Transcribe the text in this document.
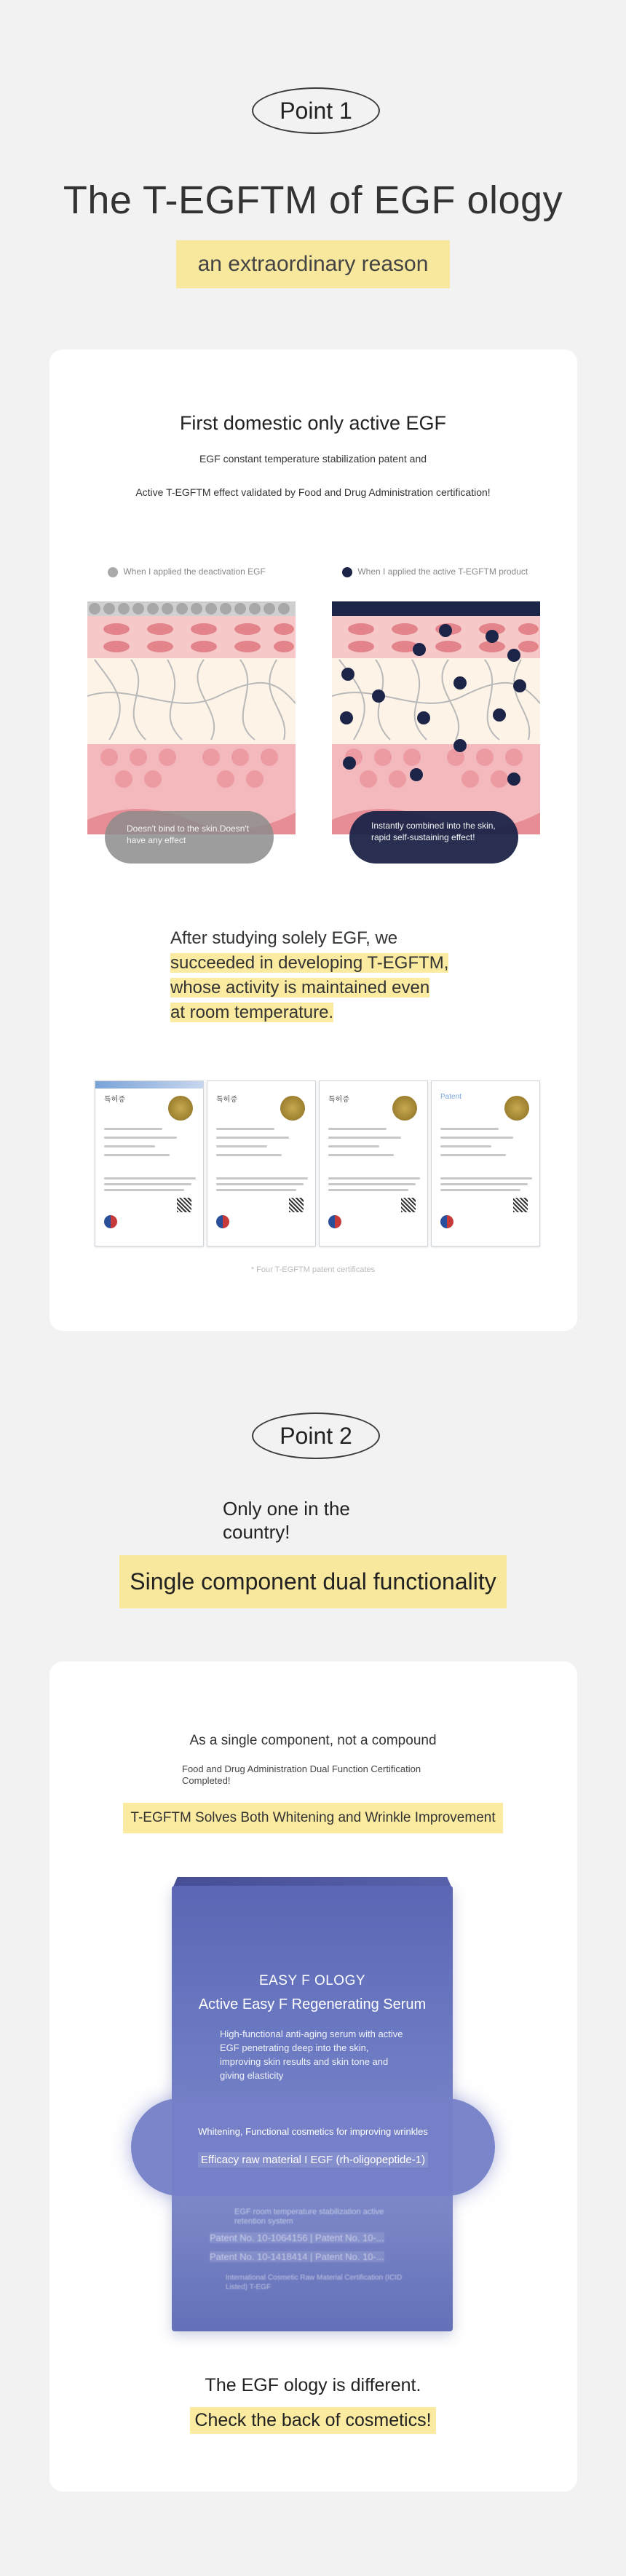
Point 1
The T-EGFTM of EGF ology
an extraordinary reason
First domestic only active EGF
EGF constant temperature stabilization patent and
Active T-EGFTM effect validated by Food and Drug Administration certification!
When I applied the deactivation EGF	When I applied the active T-EGFTM product
Doesn't bind to the skin.Doesn't have any effect
Instantly combined into the skin, rapid self-sustaining effect!
After studying solely EGF, we
succeeded in developing T-EGFTM,
whose activity is maintained even
at room temperature.
특허증	특허증	특허증	Patent
* Four T-EGFTM patent certificates
Point 2
Only one in the
country!
Single component dual functionality
As a single component, not a compound
Food and Drug Administration Dual Function Certification
Completed!
T-EGFTM Solves Both Whitening and Wrinkle Improvement
EASY F OLOGY
Active Easy F Regenerating Serum
High-functional anti-aging serum with active
EGF penetrating deep into the skin,
improving skin results and skin tone and
giving elasticity
Whitening, Functional cosmetics for improving wrinkles
Efficacy raw material I EGF (rh-oligopeptide-1)
EGF room temperature stabilization active
retention system
Patent No. 10-1064156 | Patent No. 10-...
Patent No. 10-1418414 | Patent No. 10-...
International Cosmetic Raw Material Certification (ICID
Listed) T-EGF
The EGF ology is different.
Check the back of cosmetics!
